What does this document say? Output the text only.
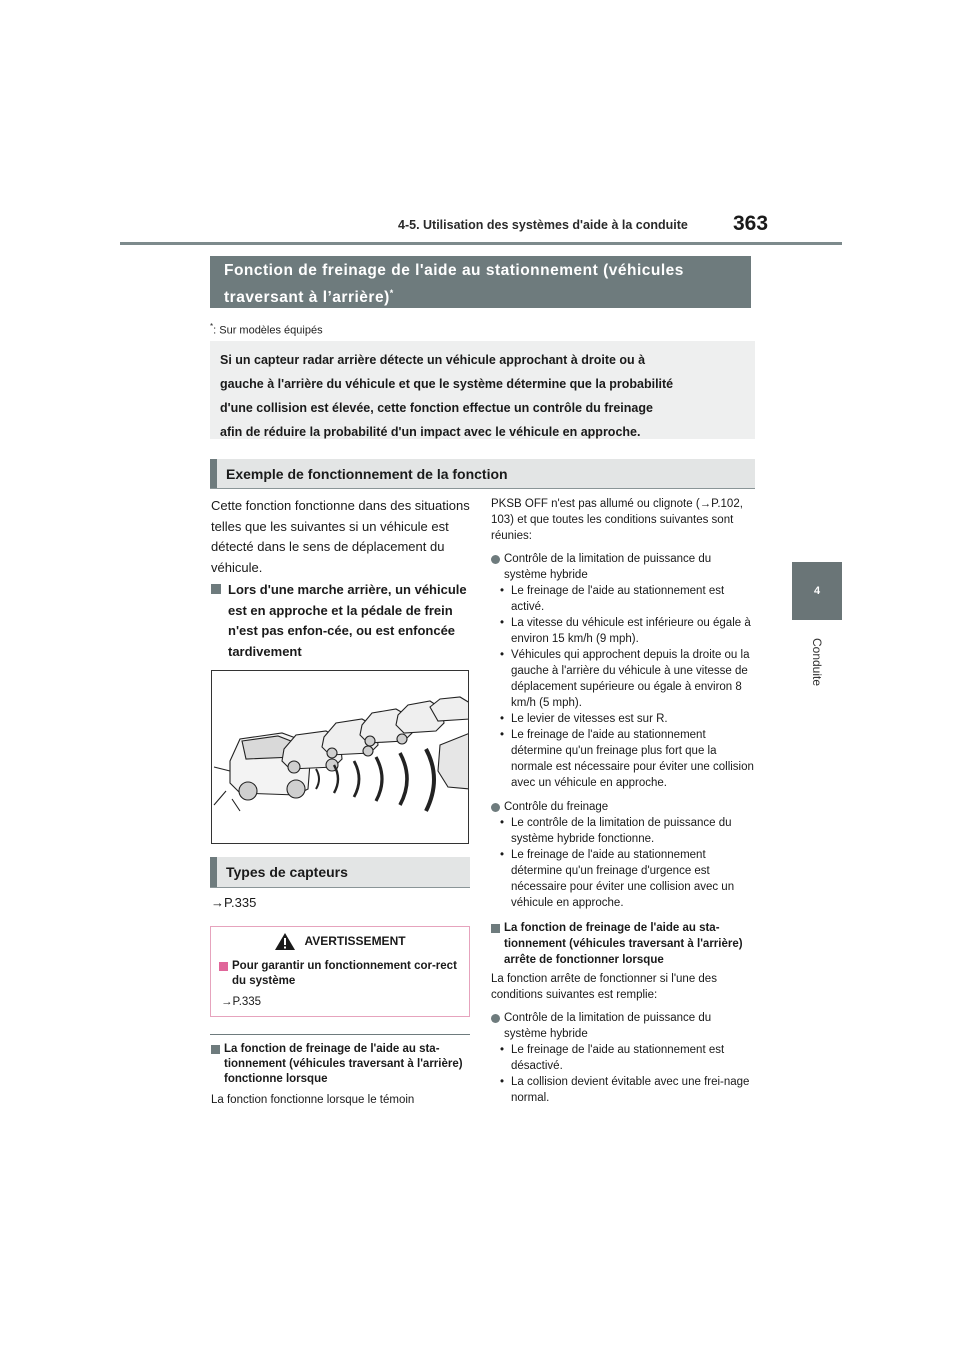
4-5. Utilisation des systèmes d'aide à la conduite	363
4
Conduite
Fonction de freinage de l'aide au stationnement (véhicules traversant à l’arrière)*
*: Sur modèles équipés
Si un capteur radar arrière détecte un véhicule approchant à droite ou à
gauche à l'arrière du véhicule et que le système détermine que la probabilité
d'une collision est élevée, cette fonction effectue un contrôle du freinage
afin de réduire la probabilité d'un impact avec le véhicule en approche.
Exemple de fonctionnement de la fonction
Cette fonction fonctionne dans des situations telles que les suivantes si un véhicule est détecté dans le sens de déplacement du véhicule.
Lors d'une marche arrière, un véhicule est en approche et la pédale de frein n'est pas enfon-cée, ou est enfoncée tardivement
Types de capteurs
→P.335
AVERTISSEMENT
Pour garantir un fonctionnement cor-rect du système
→P.335
La fonction de freinage de l'aide au sta-tionnement (véhicules traversant à l'arrière) fonctionne lorsque
La fonction fonctionne lorsque le témoin
PKSB OFF n'est pas allumé ou clignote (→P.102, 103) et que toutes les conditions suivantes sont réunies:
Contrôle de la limitation de puissance du système hybride
• Le freinage de l'aide au stationnement est activé.
• La vitesse du véhicule est inférieure ou égale à environ 15 km/h (9 mph).
• Véhicules qui approchent depuis la droite ou la gauche à l'arrière du véhicule à une vitesse de déplacement supérieure ou égale à environ 8 km/h (5 mph).
• Le levier de vitesses est sur R.
• Le freinage de l'aide au stationnement détermine qu'un freinage plus fort que la normale est nécessaire pour éviter une collision avec un véhicule en approche.
Contrôle du freinage
• Le contrôle de la limitation de puissance du système hybride fonctionne.
• Le freinage de l'aide au stationnement détermine qu'un freinage d'urgence est nécessaire pour éviter une collision avec un véhicule en approche.
La fonction de freinage de l'aide au sta-tionnement (véhicules traversant à l'arrière) arrête de fonctionner lorsque
La fonction arrête de fonctionner si l'une des conditions suivantes est remplie:
Contrôle de la limitation de puissance du système hybride
• Le freinage de l'aide au stationnement est désactivé.
• La collision devient évitable avec une frei-nage normal.
